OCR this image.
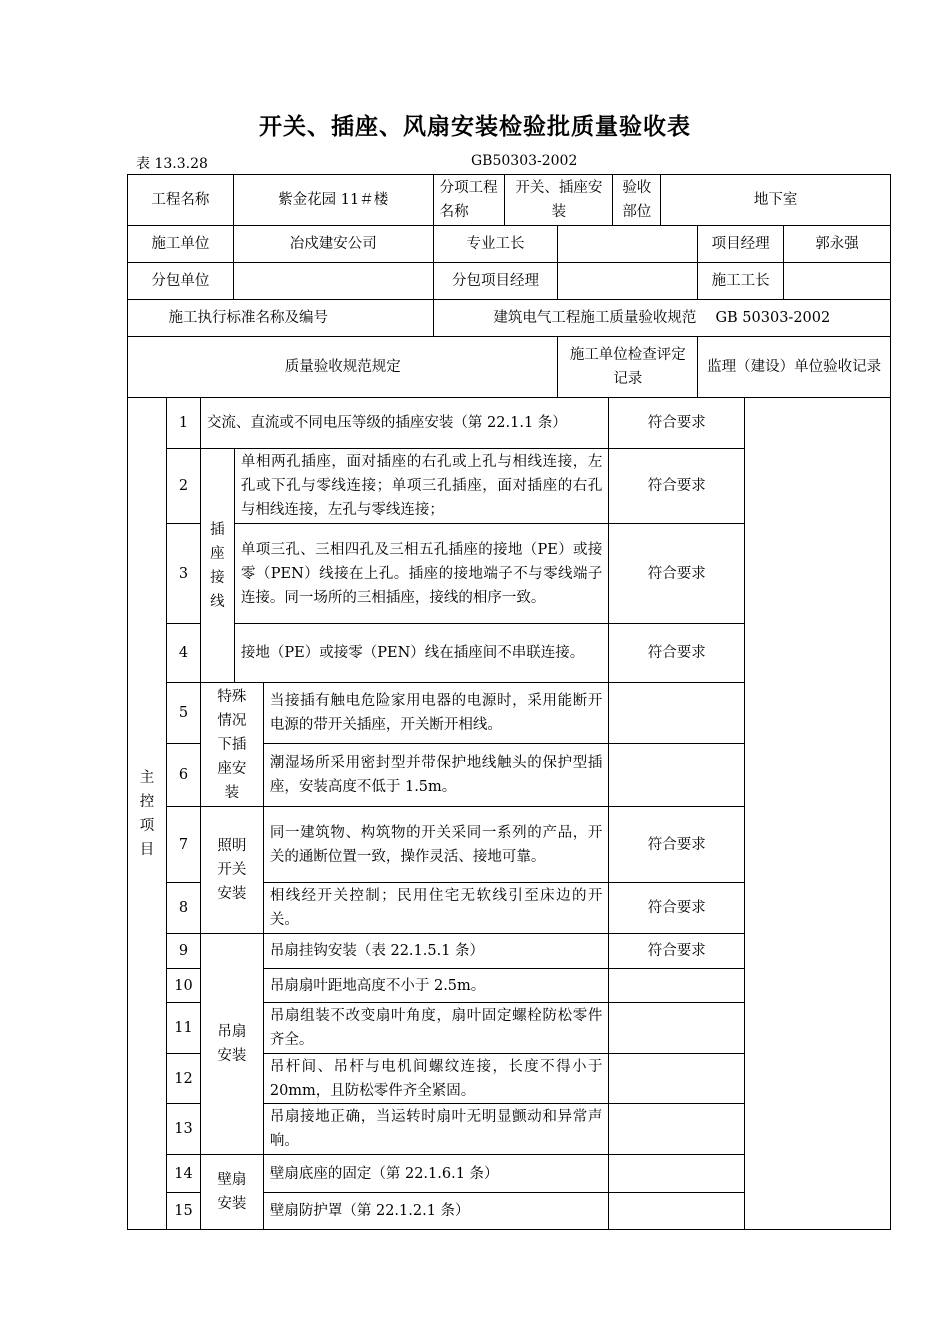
开关、插座、风扇安装检验批质量验收表
表 13.3.28	GB50303-2002
工程名称	紫金花园 11＃楼	分项工程名称	开关、插座安装		验收部位	地下室		
施工单位	冶戍建安公司	专业工长					项目经理	郭永强
分包单位		分包项目经理					施工工长	
施工执行标准名称及编号		建筑电气工程施工质量验收规范　 GB 50303-2002						
质量验收规范规定				施工单位检查评定记录			监理（建设）单位验收记录	
主控项目	1	交流、直流或不同电压等级的插座安装（第 22.1.1 条）			符合要求	
	2	插座接线	单相两孔插座，面对插座的右孔或上孔与相线连接，左孔或下孔与零线连接；单项三孔插座，面对插座的右孔与相线连接，左孔与零线连接；		符合要求	
	3		单项三孔、三相四孔及三相五孔插座的接地（PE）或接零（PEN）线接在上孔。插座的接地端子不与零线端子连接。同一场所的三相插座，接线的相序一致。		符合要求	
	4		接地（PE）或接零（PEN）线在插座间不串联连接。		符合要求	
	5	特殊情况下插座安装		当接插有触电危险家用电器的电源时，采用能断开电源的带开关插座，开关断开相线。		
	6			潮湿场所采用密封型并带保护地线触头的保护型插座，安装高度不低于 1.5m。		
	7	照明开关安装		同一建筑物、构筑物的开关采同一系列的产品，开关的通断位置一致，操作灵活、接地可靠。	符合要求	
	8			相线经开关控制；民用住宅无软线引至床边的开关。	符合要求	
	9	吊扇安装		吊扇挂钩安装（表 22.1.5.1 条）	符合要求	
	10			吊扇扇叶距地高度不小于 2.5m。		
	11			吊扇组装不改变扇叶角度，扇叶固定螺栓防松零件齐全。		
	12			吊杆间、吊杆与电机间螺纹连接，长度不得小于 20mm，且防松零件齐全紧固。		
	13			吊扇接地正确，当运转时扇叶无明显颤动和异常声响。		
	14	壁扇安装		壁扇底座的固定（第 22.1.6.1 条）		
	15			壁扇防护罩（第 22.1.2.1 条）		
